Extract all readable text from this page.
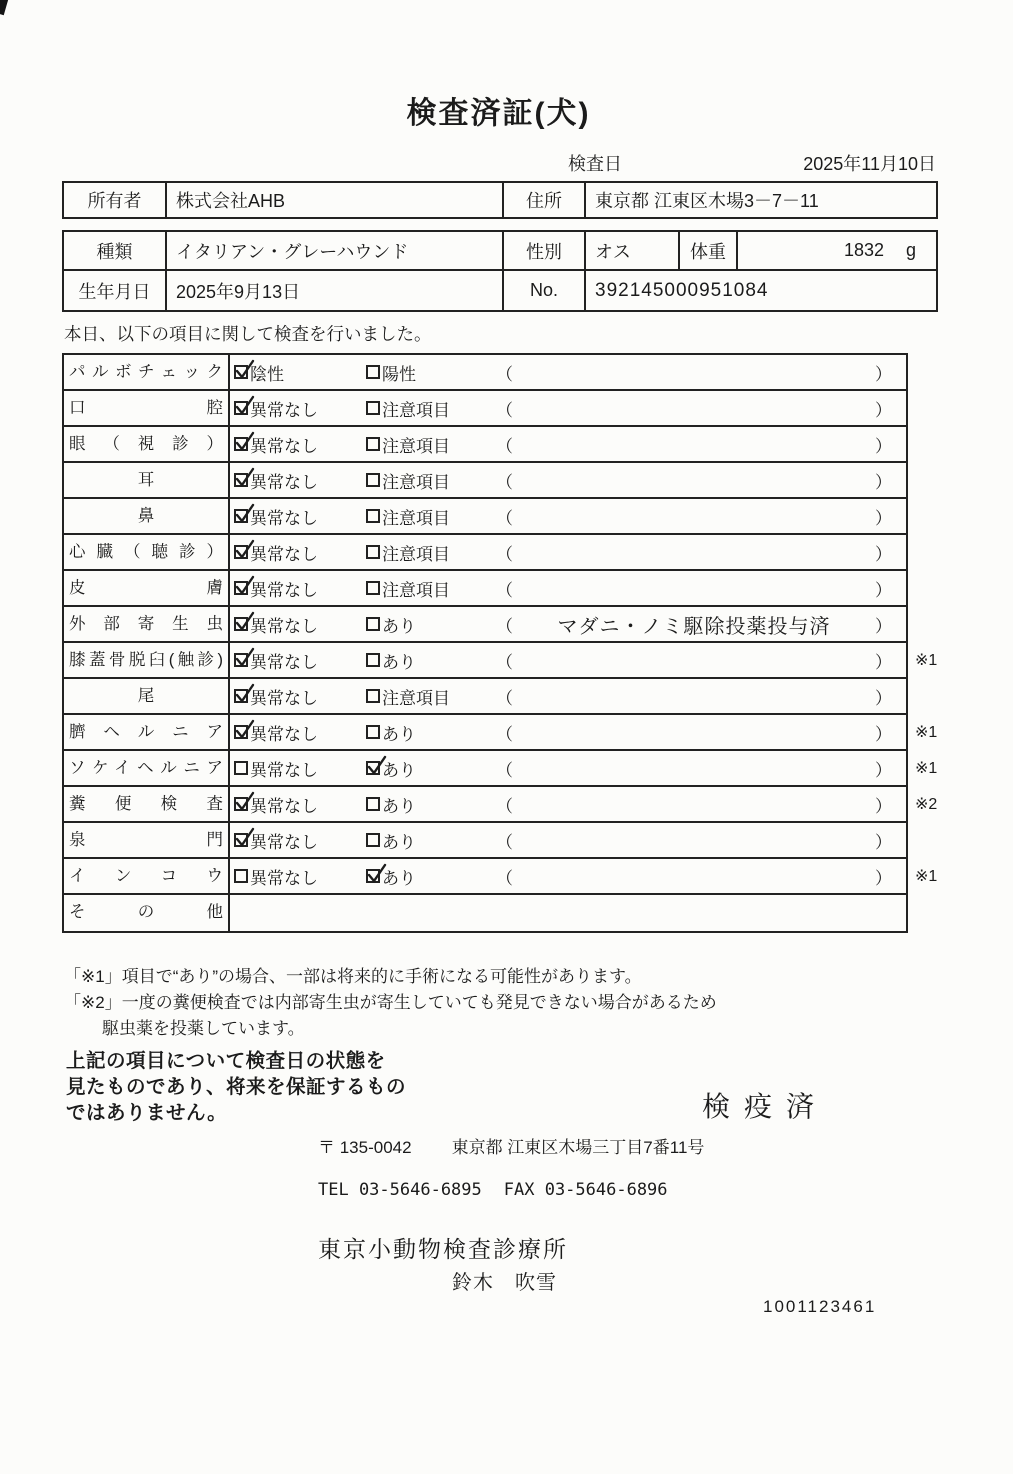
検査済証(犬)
検査日	2025年11月10日
所有者	株式会社AHB	住所	東京都 江東区木場3－7－11
種類	イタリアン・グレーハウンド	性別	オス	体重	1832 g
生年月日	2025年9月13日	No.	392145000951084
本日、以下の項目に関して検査を行いました。
パルボチェック	陰性	陽性	（	）
口腔	異常なし	注意項目	（	）
眼（視診）	異常なし	注意項目	（	）
耳	異常なし	注意項目	（	）
鼻	異常なし	注意項目	（	）
心臓（聴診）	異常なし	注意項目	（	）
皮膚	異常なし	注意項目	（	）
外部寄生虫	異常なし	あり	（ マダニ・ノミ駆除投薬投与済	）
膝蓋骨脱臼(触診)	異常なし	あり	（	） ※1
尾	異常なし	注意項目	（	）
臍ヘルニア	異常なし	あり	（	） ※1
ソケイヘルニア	異常なし	あり	（	） ※1
糞便検査	異常なし	あり	（	） ※2
泉門	異常なし	あり	（	）
インコウ	異常なし	あり	（	） ※1
その他
「※1」項目で“あり”の場合、一部は将来的に手術になる可能性があります。
「※2」一度の糞便検査では内部寄生虫が寄生していても発見できない場合があるため
駆虫薬を投薬しています。
上記の項目について検査日の状態を
見たものであり、将来を保証するもの
ではありません。	検疫済
〒 135-0042 東京都 江東区木場三丁目7番11号
TEL 03-5646-6895 FAX 03-5646-6896
東京小動物検査診療所
鈴木　吹雪
1001123461
